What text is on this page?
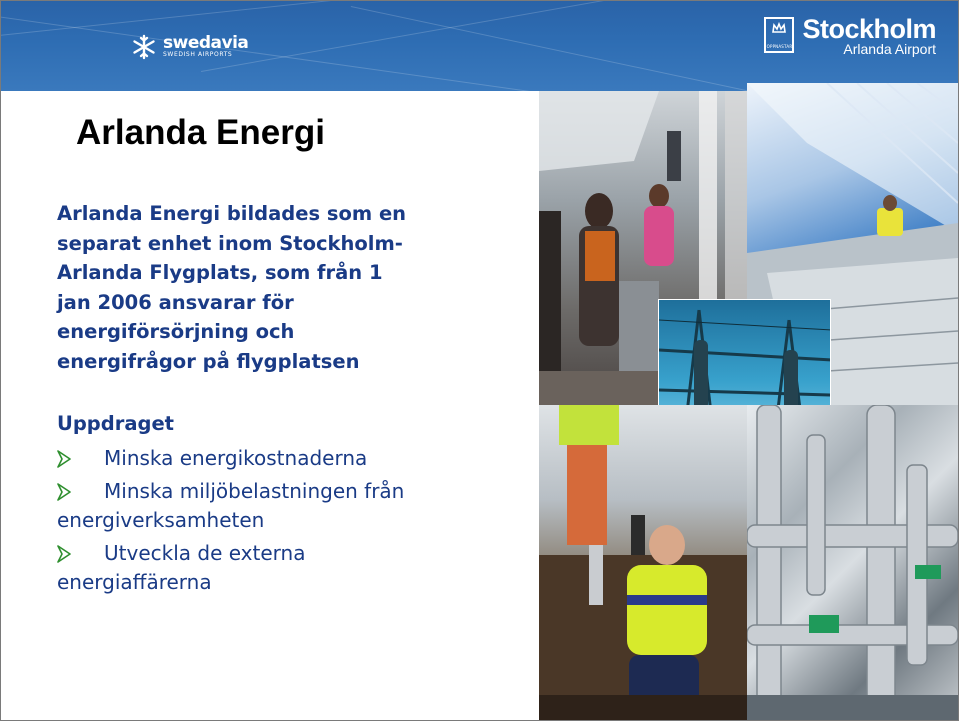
swedavia
SWEDISH AIRPORTS
OPPNASTAR
Stockholm
Arlanda Airport
Arlanda Energi
Arlanda Energi bildades som en
separat enhet inom Stockholm-
Arlanda Flygplats, som från 1
jan 2006 ansvarar för
energiförsörjning och
energifrågor på flygplatsen
Uppdraget
Minska energikostnaderna
Minska miljöbelastningen från
energiverksamheten
Utveckla de externa
energiaffärerna
